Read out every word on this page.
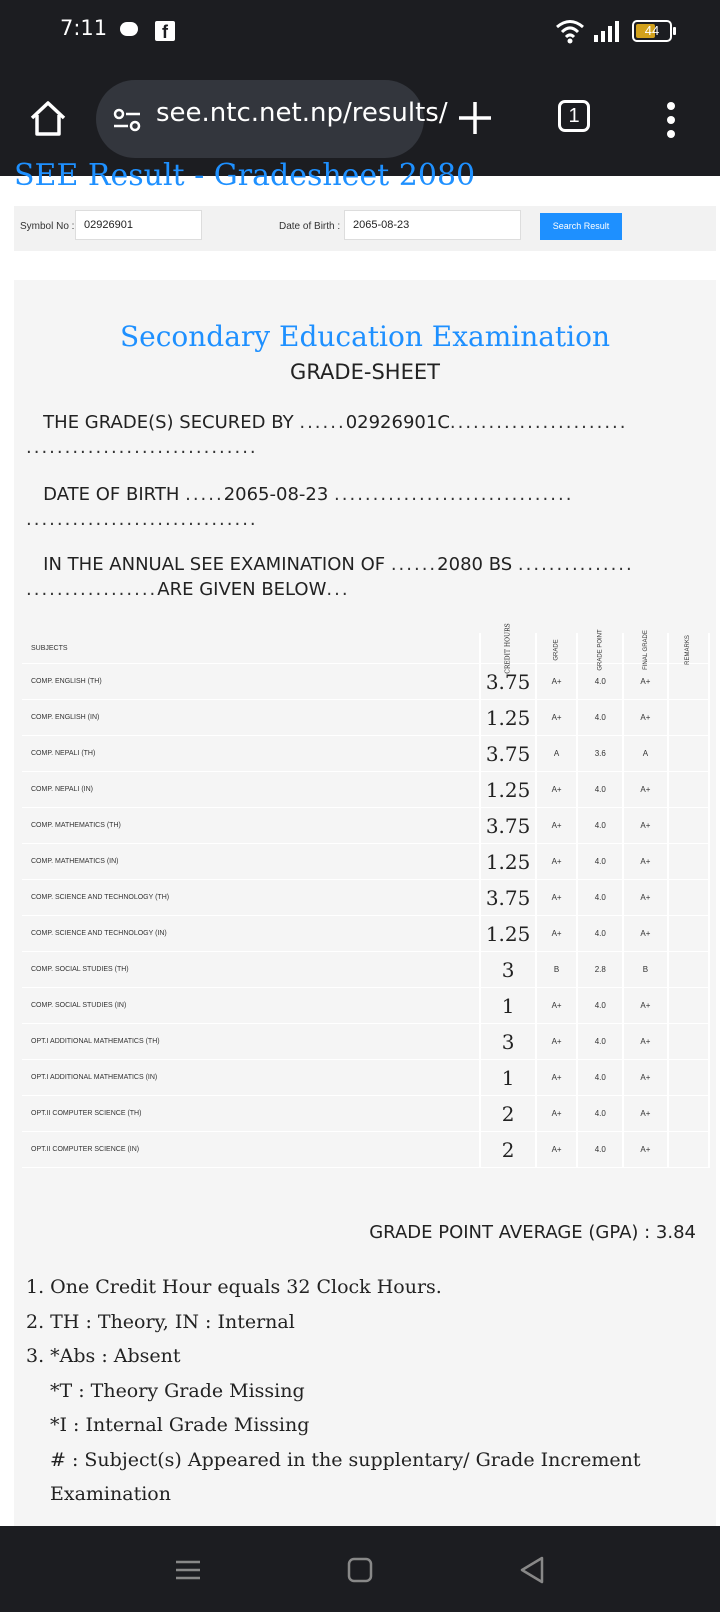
7:11	f	44
see.ntc.net.np/results/	1
SEE Result - Gradesheet 2080
Symbol No :
02926901	Date of Birth :
2065-08-23	Search Result
Secondary Education Examination
GRADE-SHEET
THE GRADE(S) SECURED BY ......02926901C.......................
..............................
DATE OF BIRTH .....2065-08-23 ...............................
..............................
IN THE ANNUAL SEE EXAMINATION OF ......2080 BS ...............
.................ARE GIVEN BELOW...
SUBJECTS	CREDIT HOURS	GRADE	GRADE POINT	FINAL GRADE	REMARKS
COMP. ENGLISH (TH)	3.75	A+	4.0	A+	
COMP. ENGLISH (IN)	1.25	A+	4.0	A+	
COMP. NEPALI (TH)	3.75	A	3.6	A	
COMP. NEPALI (IN)	1.25	A+	4.0	A+	
COMP. MATHEMATICS (TH)	3.75	A+	4.0	A+	
COMP. MATHEMATICS (IN)	1.25	A+	4.0	A+	
COMP. SCIENCE AND TECHNOLOGY (TH)	3.75	A+	4.0	A+	
COMP. SCIENCE AND TECHNOLOGY (IN)	1.25	A+	4.0	A+	
COMP. SOCIAL STUDIES (TH)	3	B	2.8	B	
COMP. SOCIAL STUDIES (IN)	1	A+	4.0	A+	
OPT.I ADDITIONAL MATHEMATICS (TH)	3	A+	4.0	A+	
OPT.I ADDITIONAL MATHEMATICS (IN)	1	A+	4.0	A+	
OPT.II COMPUTER SCIENCE (TH)	2	A+	4.0	A+	
OPT.II COMPUTER SCIENCE (IN)	2	A+	4.0	A+	
GRADE POINT AVERAGE (GPA) : 3.84
1. One Credit Hour equals 32 Clock Hours.
2. TH : Theory, IN : Internal
3. *Abs : Absent
*T : Theory Grade Missing
*I : Internal Grade Missing
# : Subject(s) Appeared in the supplentary/ Grade Increment Examination
